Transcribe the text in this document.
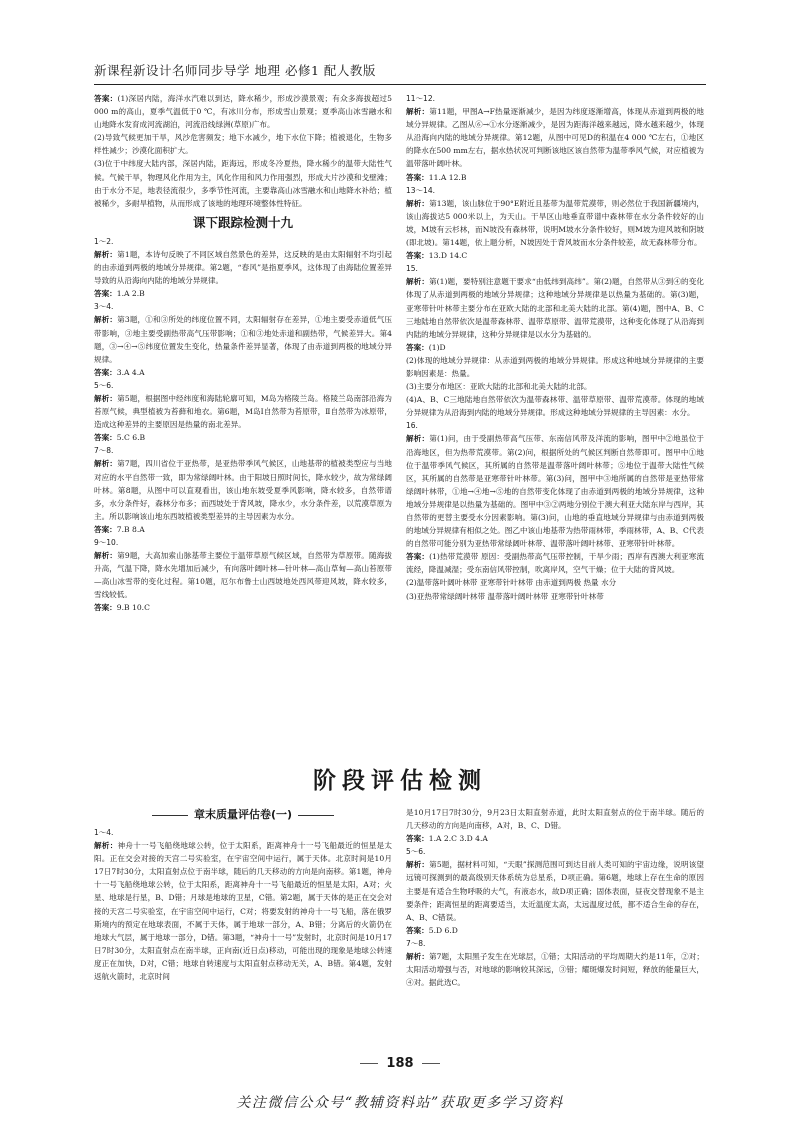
新课程新设计名师同步导学 地理 必修1 配人教版

答案：(1)深居内陆，海洋水汽难以到达，降水稀少，形成沙漠景观；有众多海拔超过5 000 m的高山，夏季气温低于0 ℃，有冰川分布，形成雪山景观；夏季高山冰雪融水和山地降水发育成河流湖泊，河流沿线绿洲(草原)广布。

(2)导致气候更加干旱，风沙危害频发；地下水减少，地下水位下降；植被退化，生物多样性减少；沙漠化面积扩大。

(3)位于中纬度大陆内部，深居内陆，距海远，形成冬冷夏热，降水稀少的温带大陆性气候。气候干旱，物理风化作用为主，风化作用和风力作用强烈，形成大片沙漠和戈壁滩；由于水分不足，地表径流很少，多季节性河流，主要靠高山冰雪融水和山地降水补给；植被稀少，多耐旱植物，从而形成了该地的地理环境整体性特征。

课下跟踪检测十九

1～2.

解析：第1题，本诗句反映了不同区域自然景色的差异，这反映的是由太阳辐射不均引起的由赤道到两极的地域分异规律。第2题，“春风”是指夏季风，这体现了由海陆位置差异导致的从沿海向内陆的地域分异规律。

答案：1.A 2.B

3～4.

解析：第3题，①和③所处的纬度位置不同，太阳辐射存在差异，①地主要受赤道低气压带影响，③地主要受副热带高气压带影响；①和③地处赤道和副热带，气候差异大。第4题，③→④→⑤纬度位置发生变化，热量条件差异显著，体现了由赤道到两极的地域分异规律。

答案：3.A 4.A

5～6.

解析：第5题，根据图中经纬度和海陆轮廓可知，M岛为格陵兰岛。格陵兰岛南部沿海为苔原气候，典型植被为苔藓和地衣。第6题，M岛Ⅰ自然带为苔原带，Ⅱ自然带为冰原带，造成这种差异的主要原因是热量的南北差异。

答案：5.C 6.B

7～8.

解析：第7题，四川省位于亚热带，是亚热带季风气候区，山地基带的植被类型应与当地对应的水平自然带一致，即为常绿阔叶林。由于阳坡日照时间长，降水较少，故为常绿阔叶林。第8题，从图中可以直观看出，该山地东坡受夏季风影响，降水较多，自然带谱多，水分条件好，森林分布多；而西坡处于背风坡，降水少，水分条件差，以荒漠草原为主。所以影响该山地东西坡植被类型差异的主导因素为水分。

答案：7.B 8.A

9～10.

解析：第9题，大高加索山脉基带主要位于温带草原气候区域，自然带为草原带。随海拔升高，气温下降，降水先增加后减少，有向落叶阔叶林—针叶林—高山草甸—高山苔原带—高山冰雪带的变化过程。第10题，厄尔布鲁士山西坡地处西风带迎风坡，降水较多，雪线较低。

答案：9.B 10.C

11～12.

解析：第11题，甲图A→F热量逐渐减少，是因为纬度逐渐增高，体现从赤道到两极的地域分异规律。乙图从⑥→①水分逐渐减少，是因为距海洋越来越远，降水越来越少，体现从沿海向内陆的地域分异规律。第12题，从图中可见D的积温在4 000 ℃左右，①地区的降水在500 mm左右，据水热状况可判断该地区该自然带为温带季风气候，对应植被为温带落叶阔叶林。

答案：11.A 12.B

13～14.

解析：第13题，该山脉位于90°E附近且基带为温带荒漠带，则必然位于我国新疆境内，该山海拔达5 000米以上，为天山。干旱区山地垂直带谱中森林带在水分条件较好的山坡，M坡有云杉林，而N坡没有森林带，说明M坡水分条件较好，则M坡为迎风坡和阴坡(即北坡)。第14题，依上题分析，N坡因处于背风坡而水分条件较差，故无森林带分布。

答案：13.D 14.C

15.

解析：第(1)题，要特别注意题干要求“由低纬到高纬”。第(2)题，自然带从③到④的变化体现了从赤道到两极的地域分异规律；这种地域分异规律是以热量为基础的。第(3)题，亚寒带针叶林带主要分布在亚欧大陆的北部和北美大陆的北部。第(4)题，图中A、B、C三地陆地自然带依次是温带森林带、温带草原带、温带荒漠带，这种变化体现了从沿海到内陆的地域分异规律，这种分异规律是以水分为基础的。

答案：(1)D

(2)体现的地域分异规律：从赤道到两极的地域分异规律。形成这种地域分异规律的主要影响因素是：热量。

(3)主要分布地区：亚欧大陆的北部和北美大陆的北部。

(4)A、B、C三地陆地自然带依次为温带森林带、温带草原带、温带荒漠带。体现的地域分异规律为从沿海到内陆的地域分异规律。形成这种地域分异规律的主导因素：水分。

16.

解析：第(1)问，由于受副热带高气压带、东南信风带及洋流的影响，图甲中②地虽位于沿海地区，但为热带荒漠带。第(2)问，根据所处的气候区判断自然带即可。图甲中①地位于温带季风气候区，其所属的自然带是温带落叶阔叶林带；⑤地位于温带大陆性气候区，其所属的自然带是亚寒带针叶林带。第(3)问，图甲中③地所属的自然带是亚热带常绿阔叶林带，①地→④地→⑤地的自然带变化体现了由赤道到两极的地域分异规律，这种地域分异规律是以热量为基础的。图甲中③②两地分别位于澳大利亚大陆东岸与西岸，其自然带的更替主要受水分因素影响。第(3)问，山地的垂直地域分异规律与由赤道到两极的地域分异规律有相似之处。图乙中该山地基带为热带雨林带，季雨林带，A、B、C代表的自然带可能分别为亚热带常绿阔叶林带、温带落叶阔叶林带、亚寒带针叶林带。

答案：(1)热带荒漠带 原因：受副热带高气压带控制，干旱少雨；西岸有西澳大利亚寒流流经，降温减湿；受东南信风带控制，吹离岸风，空气干燥；位于大陆的背风坡。

(2)温带落叶阔叶林带 亚寒带针叶林带 由赤道到两极 热量 水分

(3)亚热带常绿阔叶林带 温带落叶阔叶林带 亚寒带针叶林带

阶段评估检测
章末质量评估卷(一)

1～4.

解析：神舟十一号飞船绕地球公转，位于太阳系，距离神舟十一号飞船最近的恒星是太阳。正在交会对接的天宫二号实验室，在宇宙空间中运行，属于天体。北京时间是10月17日7时30分，太阳直射点位于南半球，随后的几天移动的方向是向南移。第1题，神舟十一号飞船绕地球公转，位于太阳系，距离神舟十一号飞船最近的恒星是太阳，A对；火星、地球是行星，B、D错；月球是地球的卫星，C错。第2题，属于天体的是正在交会对接的天宫二号实验室，在宇宙空间中运行，C对；将要发射的神舟十一号飞船，落在俄罗斯境内的预定在地球表面，不属于天体，属于地球一部分，A、B错；分离后的火箭仍在地球大气层，属于地球一部分，D错。第3题，“神舟十一号”发射时，北京时间是10月17日7时30分，太阳直射点在南半球，正向南(近日点)移动，可能出现的现象是地球公转速度正在加快，D对，C错；地球自转速度与太阳直射点移动无关，A、B错。第4题，发射返航火箭时，北京时间

是10月17日7时30分，9月23日太阳直射赤道，此时太阳直射点的位于南半球。随后的几天移动的方向是向南移，A对，B、C、D错。

答案：1.A 2.C 3.D 4.A

5～6.

解析：第5题，据材料可知，“天眼”探测范围可到达目前人类可知的宇宙边缘，说明该望远镜可探测到的最高级别天体系统为总星系，D项正确。第6题，地球上存在生命的原因主要是有适合生物呼吸的大气，有液态水，故D项正确；固体表面，昼夜交替现象不是主要条件；距离恒星的距离要适当，太近温度太高，太远温度过低，都不适合生命的存在，A、B、C错误。

答案：5.D 6.D

7～8.

解析：第7题，太阳黑子发生在光球层，①错；太阳活动的平均周期大约是11年，②对；太阳活动增强与否，对地球的影响较其深远，③错；耀斑爆发时间短，释放的能量巨大，④对。据此选C。

188
关注微信公众号“教辅资料站”获取更多学习资料
